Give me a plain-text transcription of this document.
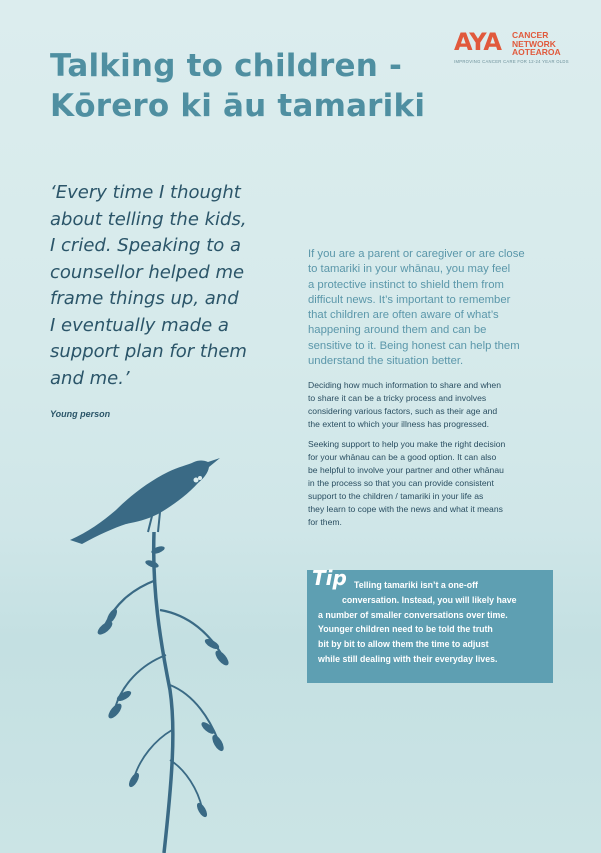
Talking to children -
Kōrero ki āu tamariki
AYA CANCER
NETWORK
AOTEAROA
IMPROVING CANCER CARE FOR 12-24 YEAR OLDS
‘Every time I thought
about telling the kids,
I cried. Speaking to a
counsellor helped me
frame things up, and
I eventually made a
support plan for them
and me.’
Young person
If you are a parent or caregiver or are close
to tamariki in your whānau, you may feel
a protective instinct to shield them from
difficult news. It’s important to remember
that children are often aware of what’s
happening around them and can be
sensitive to it. Being honest can help them
understand the situation better.
Deciding how much information to share and when
to share it can be a tricky process and involves
considering various factors, such as their age and
the extent to which your illness has progressed.
Seeking support to help you make the right decision
for your whānau can be a good option. It can also
be helpful to involve your partner and other whānau
in the process so that you can provide consistent
support to the children / tamariki in your life as
they learn to cope with the news and what it means
for them.
Tip Telling tamariki isn’t a one-off
conversation. Instead, you will likely have
a number of smaller conversations over time.
Younger children need to be told the truth
bit by bit to allow them the time to adjust
while still dealing with their everyday lives.
